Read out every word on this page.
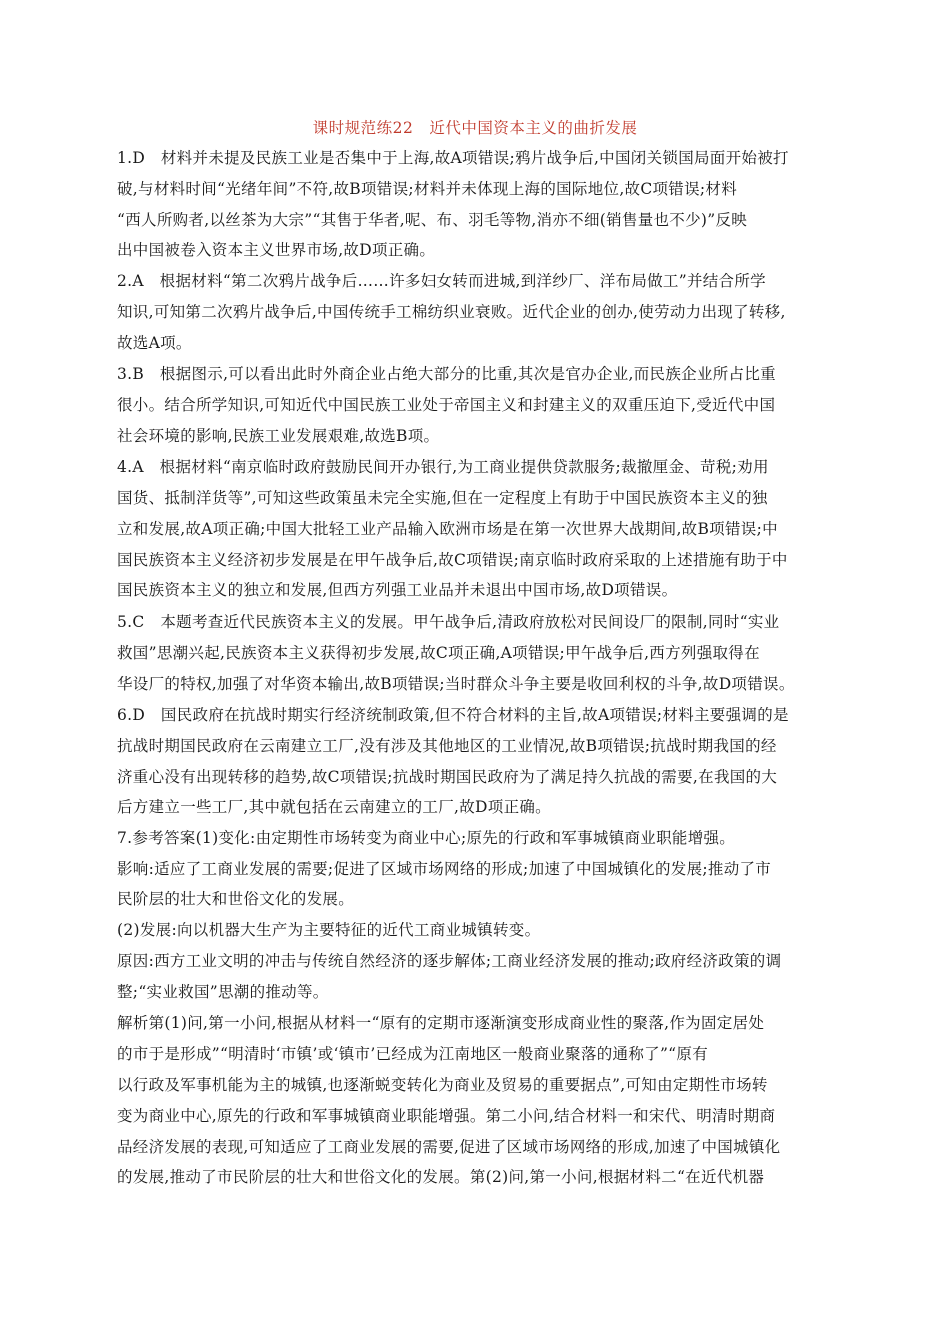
课时规范练22　近代中国资本主义的曲折发展
1.D　材料并未提及民族工业是否集中于上海,故A项错误;鸦片战争后,中国闭关锁国局面开始被打
破,与材料时间“光绪年间”不符,故B项错误;材料并未体现上海的国际地位,故C项错误;材料
“西人所购者,以丝茶为大宗”“其售于华者,呢、布、羽毛等物,消亦不细(销售量也不少)”反映
出中国被卷入资本主义世界市场,故D项正确。
2.A　根据材料“第二次鸦片战争后……许多妇女转而进城,到洋纱厂、洋布局做工”并结合所学
知识,可知第二次鸦片战争后,中国传统手工棉纺织业衰败。近代企业的创办,使劳动力出现了转移,
故选A项。
3.B　根据图示,可以看出此时外商企业占绝大部分的比重,其次是官办企业,而民族企业所占比重
很小。结合所学知识,可知近代中国民族工业处于帝国主义和封建主义的双重压迫下,受近代中国
社会环境的影响,民族工业发展艰难,故选B项。
4.A　根据材料“南京临时政府鼓励民间开办银行,为工商业提供贷款服务;裁撤厘金、苛税;劝用
国货、抵制洋货等”,可知这些政策虽未完全实施,但在一定程度上有助于中国民族资本主义的独
立和发展,故A项正确;中国大批轻工业产品输入欧洲市场是在第一次世界大战期间,故B项错误;中
国民族资本主义经济初步发展是在甲午战争后,故C项错误;南京临时政府采取的上述措施有助于中
国民族资本主义的独立和发展,但西方列强工业品并未退出中国市场,故D项错误。
5.C　本题考查近代民族资本主义的发展。甲午战争后,清政府放松对民间设厂的限制,同时“实业
救国”思潮兴起,民族资本主义获得初步发展,故C项正确,A项错误;甲午战争后,西方列强取得在
华设厂的特权,加强了对华资本输出,故B项错误;当时群众斗争主要是收回利权的斗争,故D项错误。
6.D　国民政府在抗战时期实行经济统制政策,但不符合材料的主旨,故A项错误;材料主要强调的是
抗战时期国民政府在云南建立工厂,没有涉及其他地区的工业情况,故B项错误;抗战时期我国的经
济重心没有出现转移的趋势,故C项错误;抗战时期国民政府为了满足持久抗战的需要,在我国的大
后方建立一些工厂,其中就包括在云南建立的工厂,故D项正确。
7.参考答案(1)变化:由定期性市场转变为商业中心;原先的行政和军事城镇商业职能增强。
影响:适应了工商业发展的需要;促进了区域市场网络的形成;加速了中国城镇化的发展;推动了市
民阶层的壮大和世俗文化的发展。
(2)发展:向以机器大生产为主要特征的近代工商业城镇转变。
原因:西方工业文明的冲击与传统自然经济的逐步解体;工商业经济发展的推动;政府经济政策的调
整;“实业救国”思潮的推动等。
解析第(1)问,第一小问,根据从材料一“原有的定期市逐渐演变形成商业性的聚落,作为固定居处
的市于是形成”“明清时‘市镇’或‘镇市’已经成为江南地区一般商业聚落的通称了”“原有
以行政及军事机能为主的城镇,也逐渐蜕变转化为商业及贸易的重要据点”,可知由定期性市场转
变为商业中心,原先的行政和军事城镇商业职能增强。第二小问,结合材料一和宋代、明清时期商
品经济发展的表现,可知适应了工商业发展的需要,促进了区域市场网络的形成,加速了中国城镇化
的发展,推动了市民阶层的壮大和世俗文化的发展。第(2)问,第一小问,根据材料二“在近代机器
